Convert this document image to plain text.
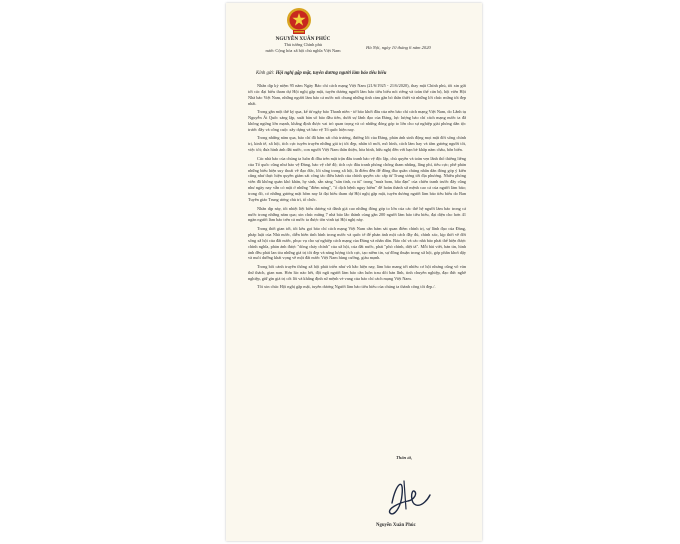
NGUYỄN XUÂN PHÚC
Thủ tướng Chính phủ
nước Cộng hòa xã hội chủ nghĩa Việt Nam
Hà Nội, ngày 10 tháng 6 năm 2020
Kính gửi: Hội nghị gặp mặt, tuyên dương người làm báo tiêu biểu

Nhân dịp kỷ niệm 95 năm Ngày Báo chí cách mạng Việt Nam (21/6/1925 - 21/6/2020), thay mặt Chính phủ, tôi xin gửi tới các đại biểu tham dự Hội nghị gặp mặt, tuyên dương người làm báo tiêu biểu nói riêng và toàn thể cán bộ, hội viên Hội Nhà báo Việt Nam, những người làm báo cả nước nói chung những tình cảm gắn bó thân thiết và những lời chúc mừng tốt đẹp nhất.

Trong gần một thế kỷ qua, kể từ ngày báo Thanh niên - tờ báo khởi đầu của nền báo chí cách mạng Việt Nam, do Lãnh tụ Nguyễn Ái Quốc sáng lập, xuất bản số báo đầu tiên, dưới sự lãnh đạo của Đảng, lực lượng báo chí cách mạng nước ta đã không ngừng lớn mạnh, khẳng định được vai trò quan trọng và có những đóng góp to lớn cho sự nghiệp giải phóng dân tộc trước đây và công cuộc xây dựng và bảo vệ Tổ quốc hiện nay.

Trong những năm qua, báo chí đã bám sát chủ trương, đường lối của Đảng, phản ánh sinh động mọi mặt đời sống chính trị, kinh tế, xã hội, tích cực tuyên truyền những giá trị tốt đẹp, nhân tố mới, mô hình, cách làm hay và tấm gương người tốt, việc tốt; đưa hình ảnh đất nước, con người Việt Nam thân thiện, hòa bình, hữu nghị đến với bạn bè khắp năm châu, bốn biển.

Các nhà báo của chúng ta luôn đi đầu trên mặt trận đấu tranh bảo vệ độc lập, chủ quyền và toàn vẹn lãnh thổ thiêng liêng của Tổ quốc cũng như bảo vệ Đảng, bảo vệ chế độ; tích cực đấu tranh phòng chống tham nhũng, lãng phí, tiêu cực; phê phán những biểu hiện suy thoái về đạo đức, lối sống trong xã hội, là điểm đến để đồng đảo quần chúng nhân dân đóng góp ý kiến cũng như thực hiện quyền giám sát công tác điều hành của chính quyền các cấp từ Trung ương tới địa phương. Nhiều phóng viên đã không quản khó khăn, hy sinh, sẵn sàng "xăn tình, ra tù" trong "mưa bom, bão đạn" của chiến tranh trước đây cũng như ngày nay vẫn có mặt ở những "điểm nóng", "ổ dịch bệnh nguy hiểm" để hoàn thành sứ mệnh cao cả của người làm báo; trong đó, có những gương mặt hôm nay là đại biểu tham dự Hội nghị gặp mặt, tuyên dương người làm báo tiêu biểu do Ban Tuyên giáo Trung ương chủ trì, tổ chức.

Nhân dịp này, tôi nhiệt liệt biểu dương và đánh giá cao những đóng góp to lớn của các thế hệ người làm báo trong cả nước trong những năm qua; xin chúc mừng 7 nhà báo lão thành cùng gần 200 người làm báo tiêu biểu, đại diện cho hơn 41 ngàn người làm báo trên cả nước ta được tôn vinh tại Hội nghị này.

Trong thời gian tới, tôi kêu gọi báo chí cách mạng Việt Nam cần bám sát quan điểm chính trị, sự lãnh đạo của Đảng, pháp luật của Nhà nước, diễn biến tình hình trong nước và quốc tế để phản ánh một cách đầy đủ, chính xác, kịp thời về đời sống xã hội của đất nước, phục vụ cho sự nghiệp cách mạng của Đảng và nhân dân. Báo chí và các nhà báo phải thể hiện được chính nghĩa, phản ánh được "dòng chảy chính" của xã hội, của đất nước, phải "phò chính, diệt tà". Mỗi bài viết, bản tin, hình ảnh đều phải lan tỏa những giá trị tốt đẹp và năng lượng tích cực, tạo niềm tin, sự đồng thuận trong xã hội, góp phần khơi dậy và nuôi dưỡng khát vọng về một đất nước Việt Nam hùng cường, giàu mạnh.

Trong bối cảnh truyền thông xã hội phát triển như vũ bão hiện nay, làm báo mang tới nhiều cơ hội nhưng cũng vô vàn thử thách, gian nan. Hơn lúc nào hết, đội ngũ người làm báo cần luôn trau dồi bản lĩnh, tinh chuyên nghiệp, đạo đức nghề nghiệp, giữ gìn giá trị cốt lõi và khẳng định sứ mệnh vẻ vang của báo chí cách mạng Việt Nam.

Tôi xin chúc Hội nghị gặp mặt, tuyên dương Người làm báo tiêu biểu của chúng ta thành công tốt đẹp./.

Thân ái,
Nguyễn Xuân Phúc
